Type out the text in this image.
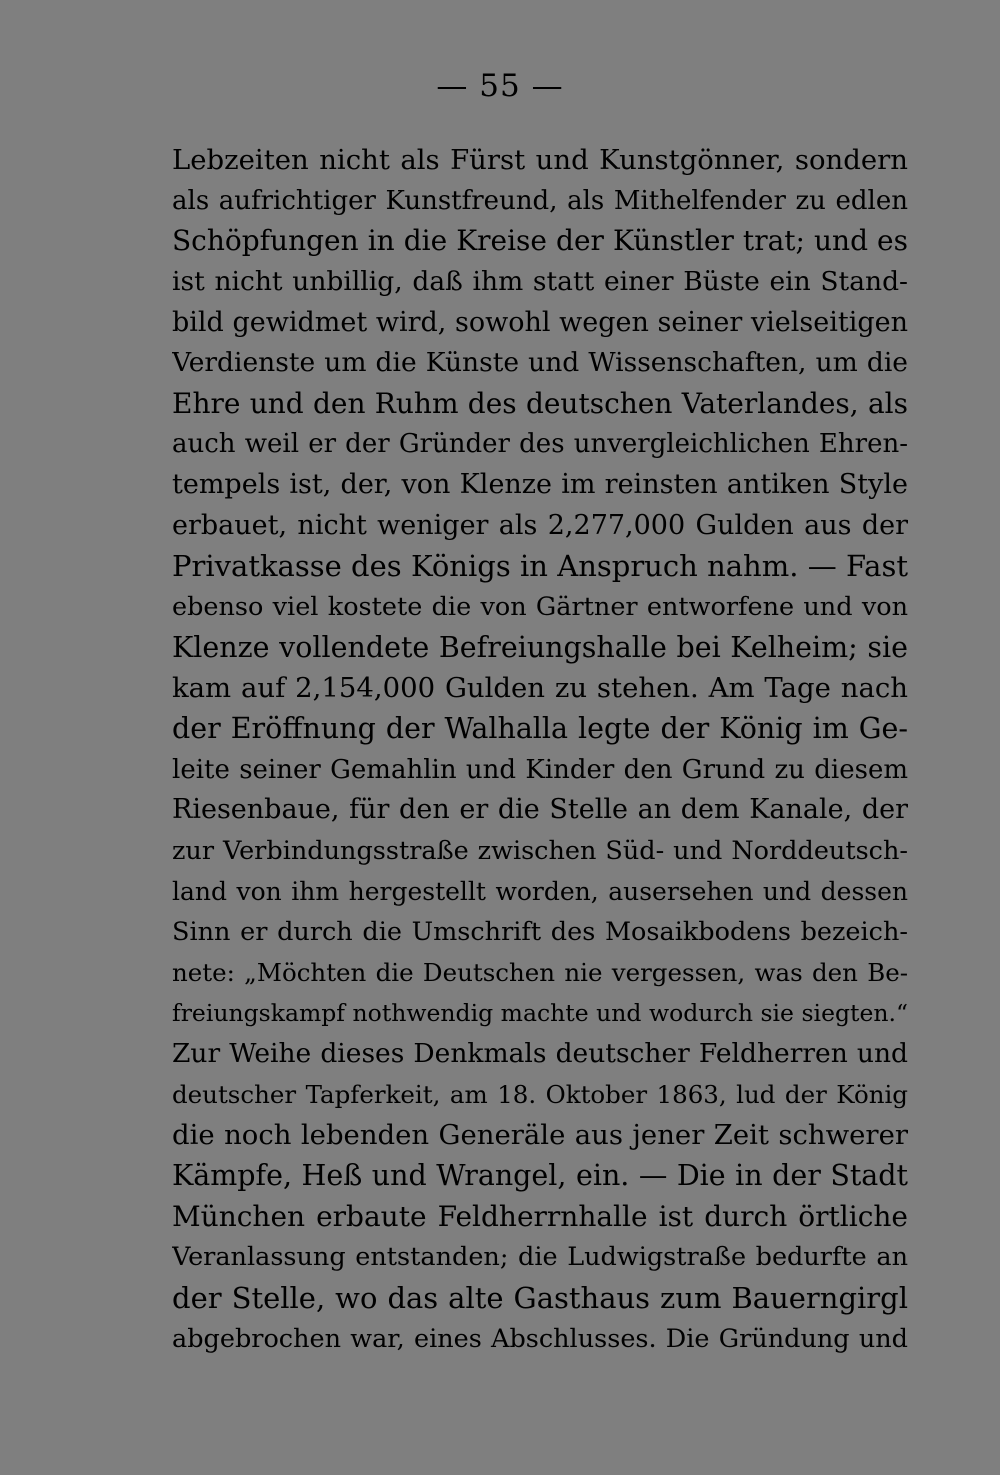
— 55 —
Lebzeiten nicht als Fürst und Kunstgönner, sondern
als aufrichtiger Kunstfreund, als Mithelfender zu edlen
Schöpfungen in die Kreise der Künstler trat; und es
ist nicht unbillig, daß ihm statt einer Büste ein Stand-
bild gewidmet wird, sowohl wegen seiner vielseitigen
Verdienste um die Künste und Wissenschaften, um die
Ehre und den Ruhm des deutschen Vaterlandes, als
auch weil er der Gründer des unvergleichlichen Ehren-
tempels ist, der, von Klenze im reinsten antiken Style
erbauet, nicht weniger als 2,277,000 Gulden aus der
Privatkasse des Königs in Anspruch nahm. — Fast
ebenso viel kostete die von Gärtner entworfene und von
Klenze vollendete Befreiungshalle bei Kelheim; sie
kam auf 2,154,000 Gulden zu stehen. Am Tage nach
der Eröffnung der Walhalla legte der König im Ge-
leite seiner Gemahlin und Kinder den Grund zu diesem
Riesenbaue, für den er die Stelle an dem Kanale, der
zur Verbindungsstraße zwischen Süd- und Norddeutsch-
land von ihm hergestellt worden, ausersehen und dessen
Sinn er durch die Umschrift des Mosaikbodens bezeich-
nete: „Möchten die Deutschen nie vergessen, was den Be-
freiungskampf nothwendig machte und wodurch sie siegten.“
Zur Weihe dieses Denkmals deutscher Feldherren und
deutscher Tapferkeit, am 18. Oktober 1863, lud der König
die noch lebenden Generäle aus jener Zeit schwerer
Kämpfe, Heß und Wrangel, ein. — Die in der Stadt
München erbaute Feldherrnhalle ist durch örtliche
Veranlassung entstanden; die Ludwigstraße bedurfte an
der Stelle, wo das alte Gasthaus zum Bauerngirgl
abgebrochen war, eines Abschlusses. Die Gründung und
